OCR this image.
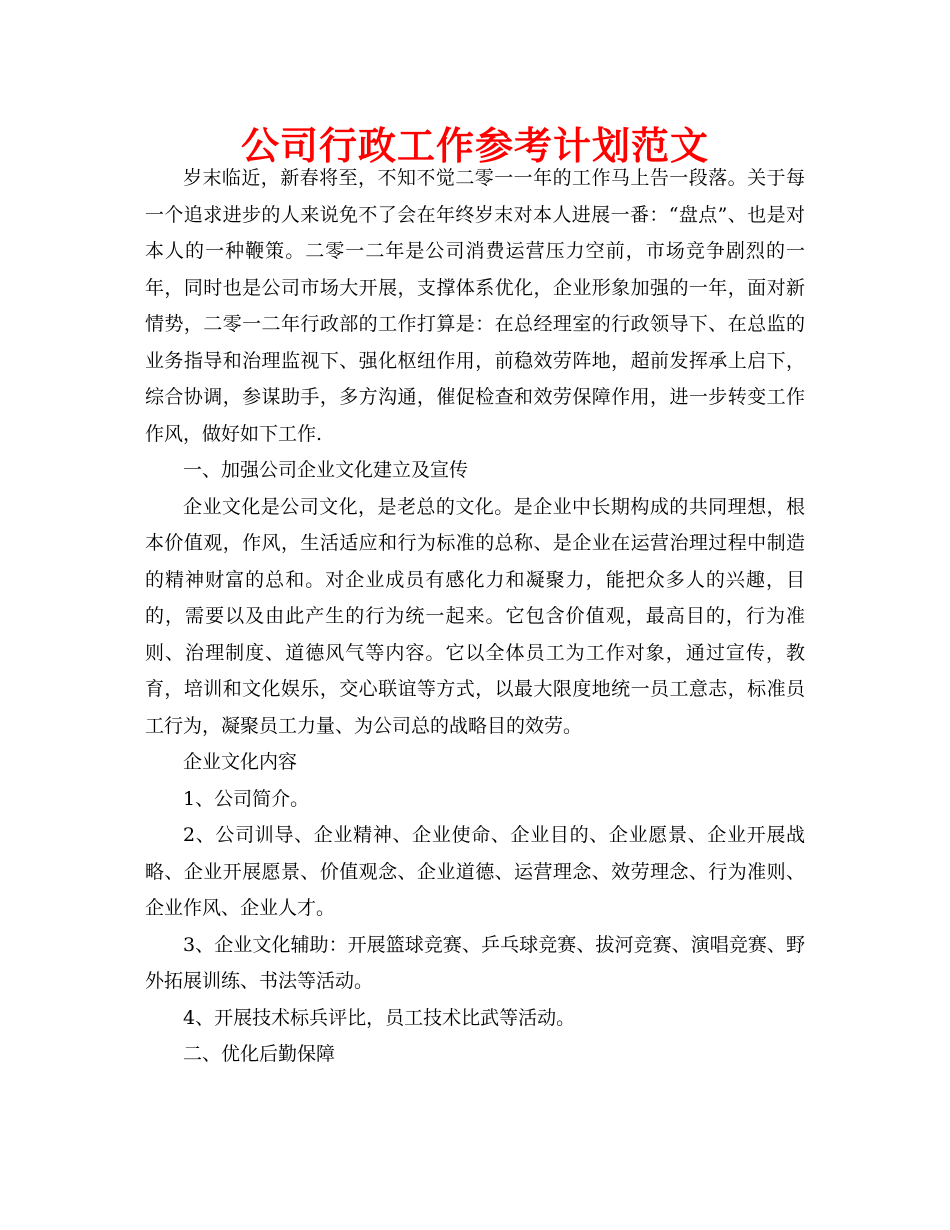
公司行政工作参考计划范文

岁末临近，新春将至，不知不觉二零一一年的工作马上告一段落。关于每一个追求进步的人来说免不了会在年终岁末对本人进展一番：“盘点”、也是对本人的一种鞭策。二零一二年是公司消费运营压力空前，市场竞争剧烈的一年，同时也是公司市场大开展，支撑体系优化，企业形象加强的一年，面对新情势，二零一二年行政部的工作打算是：在总经理室的行政领导下、在总监的业务指导和治理监视下、强化枢纽作用，前稳效劳阵地，超前发挥承上启下，综合协调，参谋助手，多方沟通，催促检查和效劳保障作用，进一步转变工作作风，做好如下工作.

一、加强公司企业文化建立及宣传

企业文化是公司文化，是老总的文化。是企业中长期构成的共同理想，根本价值观，作风，生活适应和行为标准的总称、是企业在运营治理过程中制造的精神财富的总和。对企业成员有感化力和凝聚力，能把众多人的兴趣，目的，需要以及由此产生的行为统一起来。它包含价值观，最高目的，行为准则、治理制度、道德风气等内容。它以全体员工为工作对象，通过宣传，教育，培训和文化娱乐，交心联谊等方式，以最大限度地统一员工意志，标准员工行为，凝聚员工力量、为公司总的战略目的效劳。

企业文化内容

1、公司简介。

2、公司训导、企业精神、企业使命、企业目的、企业愿景、企业开展战略、企业开展愿景、价值观念、企业道德、运营理念、效劳理念、行为准则、企业作风、企业人才。

3、企业文化辅助：开展篮球竞赛、乒乓球竞赛、拔河竞赛、演唱竞赛、野外拓展训练、书法等活动。

4、开展技术标兵评比，员工技术比武等活动。

二、优化后勤保障
